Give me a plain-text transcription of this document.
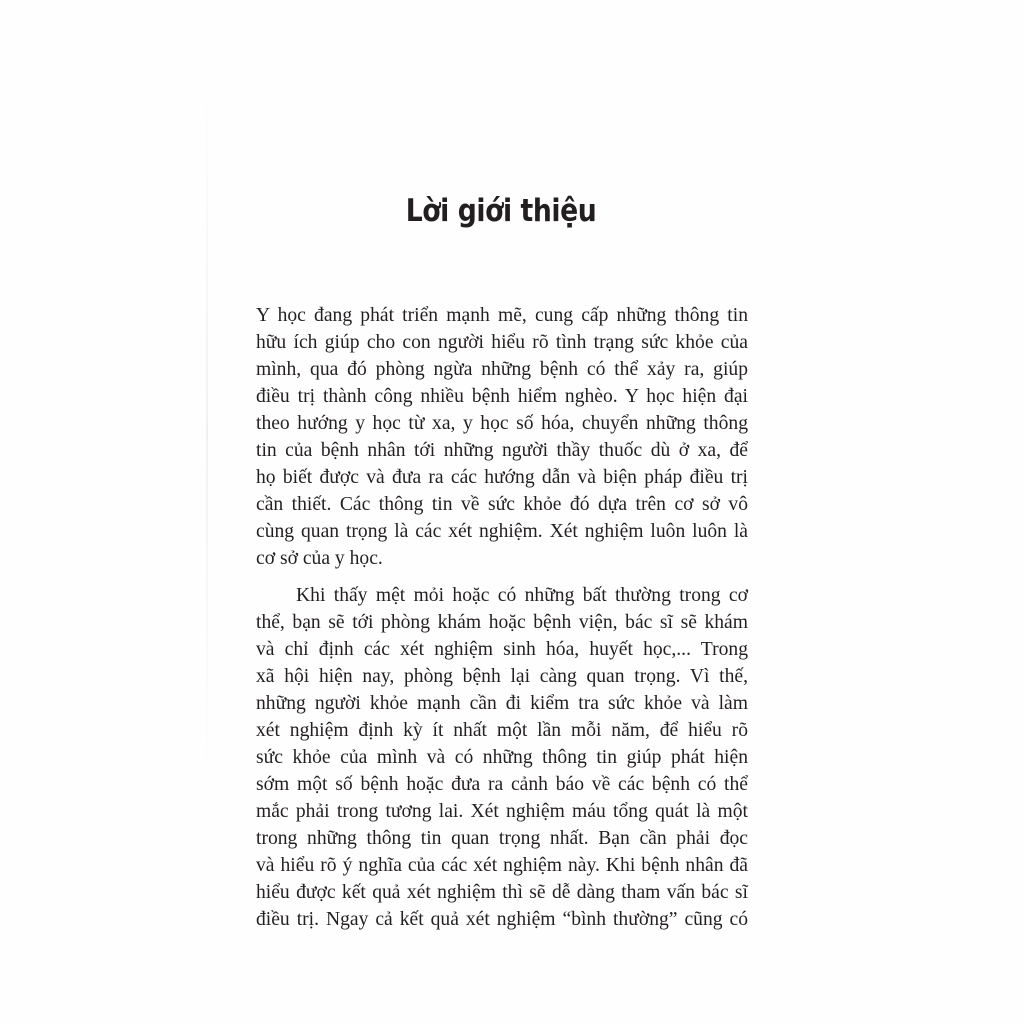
Lời giới thiệu
Y học đang phát triển mạnh mẽ, cung cấp những thông tin
hữu ích giúp cho con người hiểu rõ tình trạng sức khỏe của
mình, qua đó phòng ngừa những bệnh có thể xảy ra, giúp
điều trị thành công nhiều bệnh hiểm nghèo. Y học hiện đại
theo hướng y học từ xa, y học số hóa, chuyển những thông
tin của bệnh nhân tới những người thầy thuốc dù ở xa, để
họ biết được và đưa ra các hướng dẫn và biện pháp điều trị
cần thiết. Các thông tin về sức khỏe đó dựa trên cơ sở vô
cùng quan trọng là các xét nghiệm. Xét nghiệm luôn luôn là
cơ sở của y học.
Khi thấy mệt mỏi hoặc có những bất thường trong cơ
thể, bạn sẽ tới phòng khám hoặc bệnh viện, bác sĩ sẽ khám
và chỉ định các xét nghiệm sinh hóa, huyết học,... Trong
xã hội hiện nay, phòng bệnh lại càng quan trọng. Vì thế,
những người khỏe mạnh cần đi kiểm tra sức khỏe và làm
xét nghiệm định kỳ ít nhất một lần mỗi năm, để hiểu rõ
sức khỏe của mình và có những thông tin giúp phát hiện
sớm một số bệnh hoặc đưa ra cảnh báo về các bệnh có thể
mắc phải trong tương lai. Xét nghiệm máu tổng quát là một
trong những thông tin quan trọng nhất. Bạn cần phải đọc
và hiểu rõ ý nghĩa của các xét nghiệm này. Khi bệnh nhân đã
hiểu được kết quả xét nghiệm thì sẽ dễ dàng tham vấn bác sĩ
điều trị. Ngay cả kết quả xét nghiệm “bình thường” cũng có
